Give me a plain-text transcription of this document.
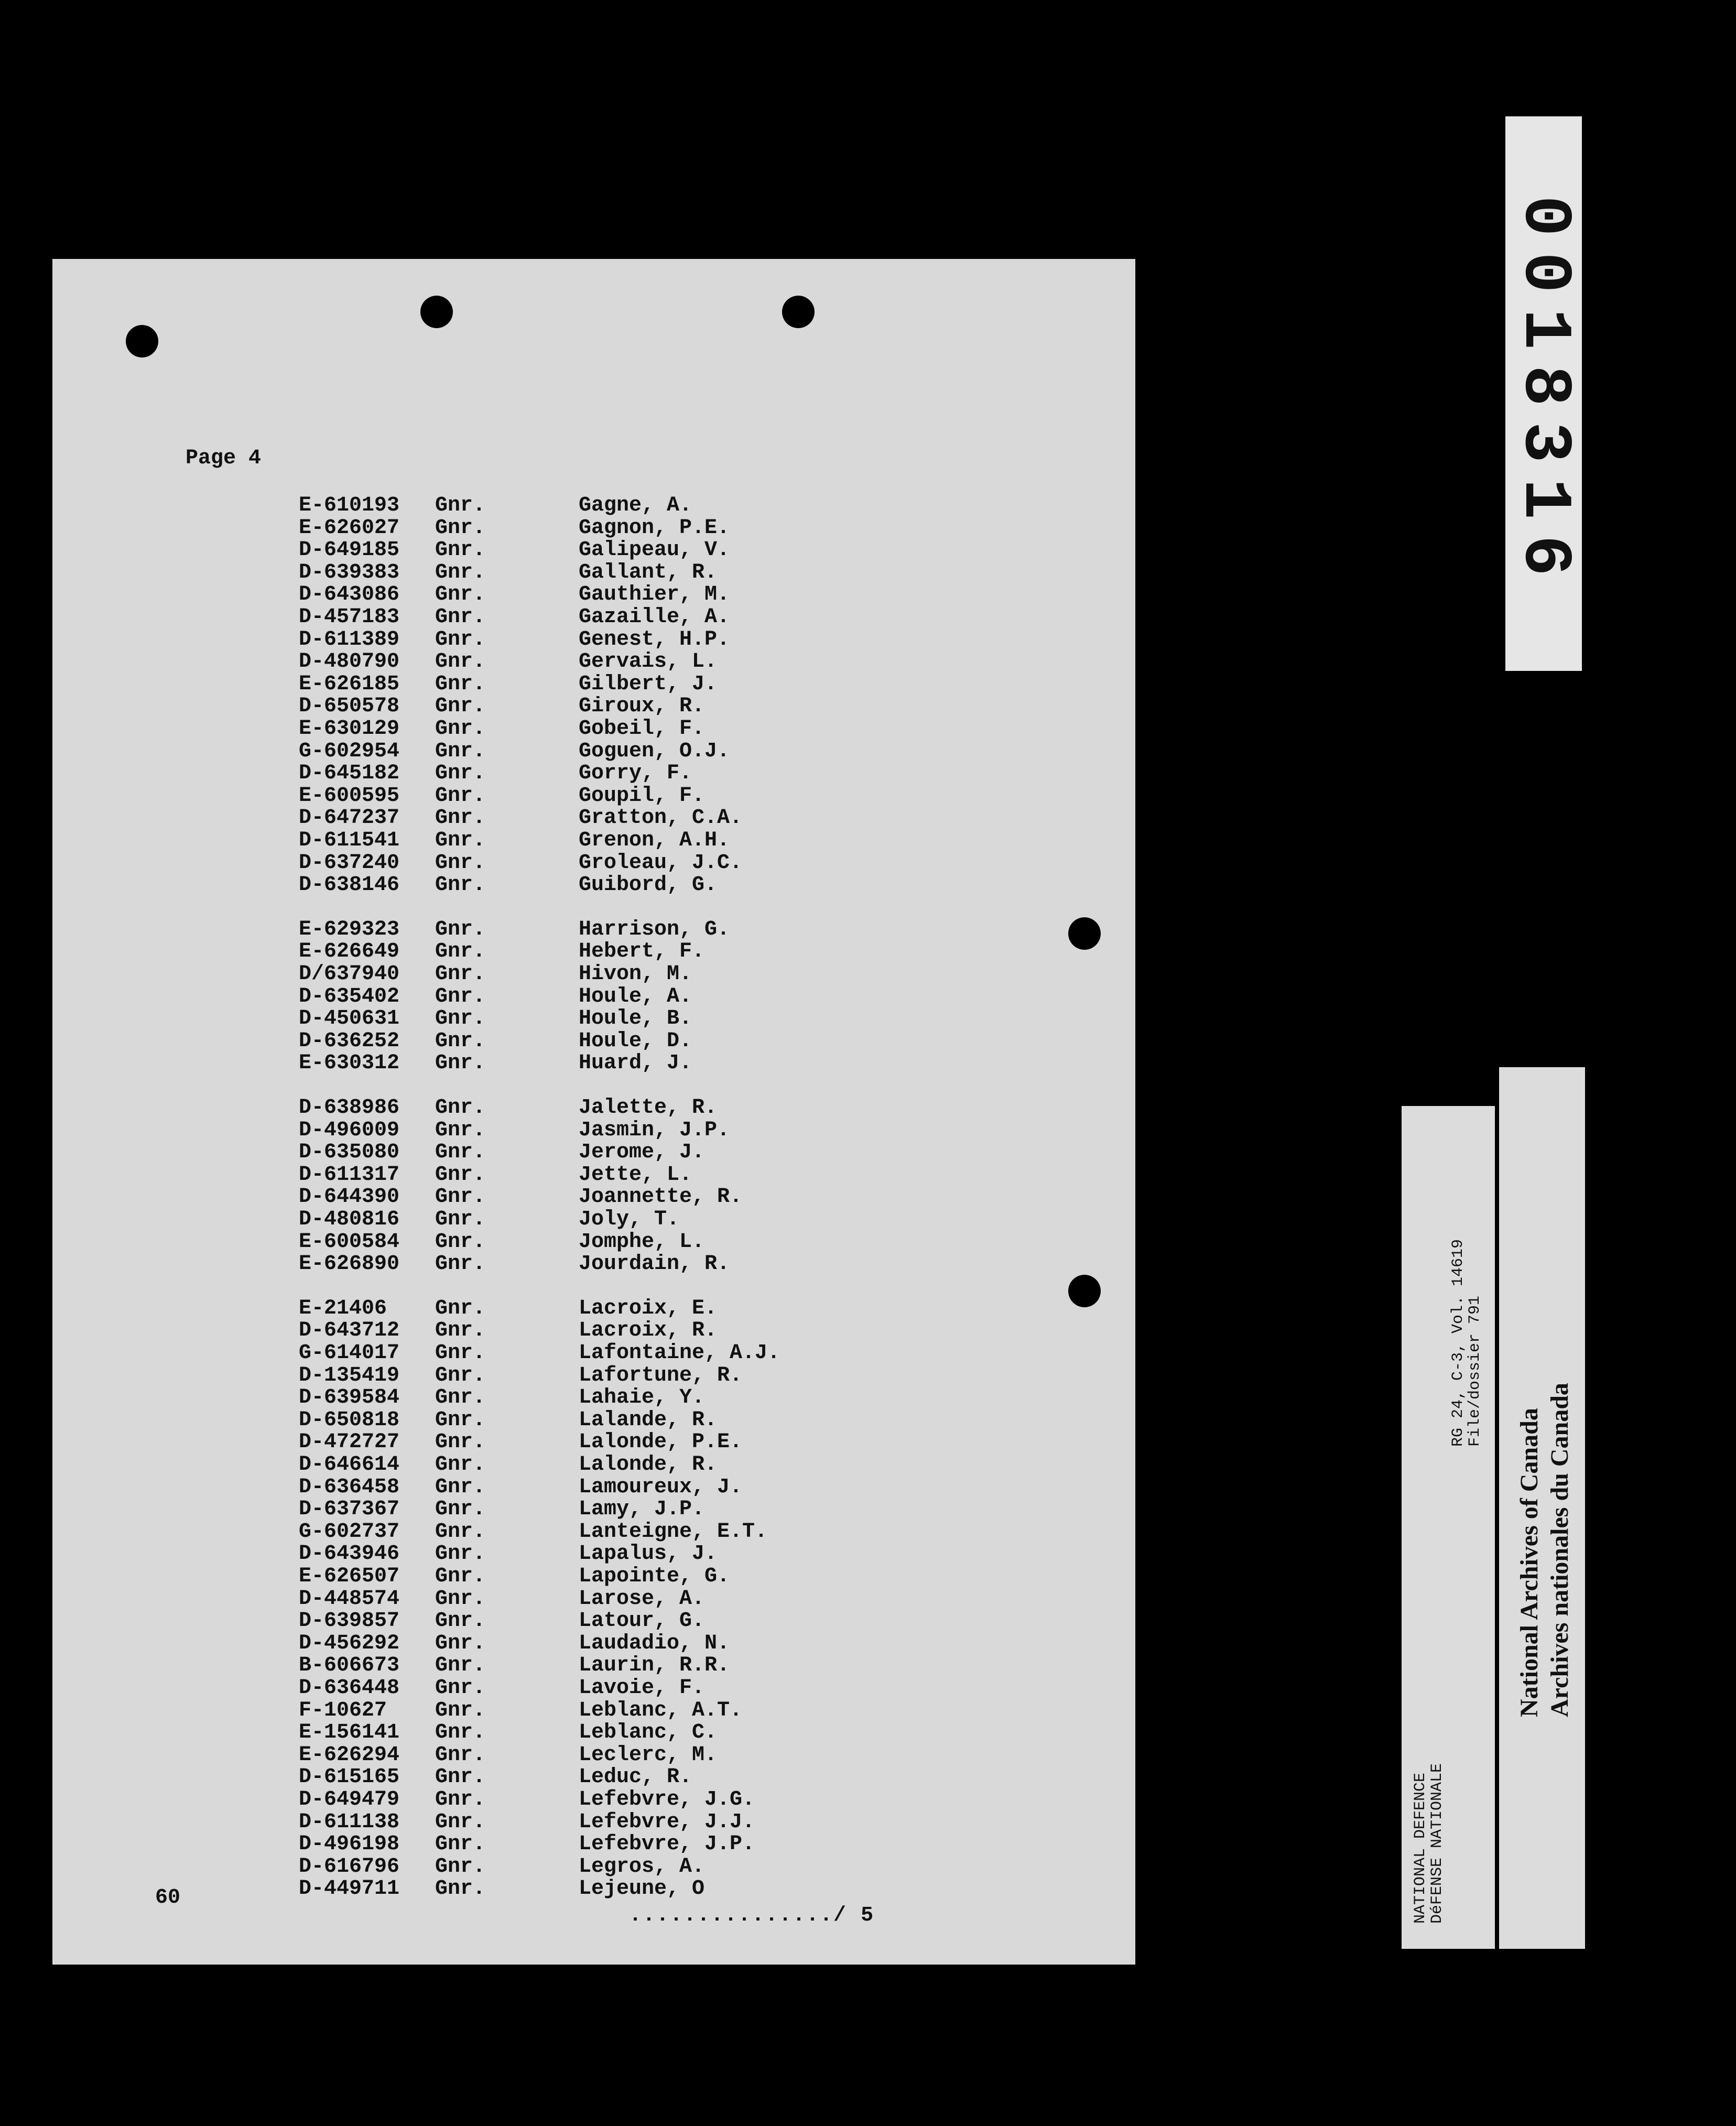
Page 4
E-610193 Gnr.	Gagne, A.
E-626027 Gnr.	Gagnon, P.E.
D-649185 Gnr.	Galipeau, V.
D-639383 Gnr.	Gallant, R.
D-643086 Gnr.	Gauthier, M.
D-457183 Gnr.	Gazaille, A.
D-611389 Gnr.	Genest, H.P.
D-480790 Gnr.	Gervais, L.
E-626185 Gnr.	Gilbert, J.
D-650578 Gnr.	Giroux, R.
E-630129 Gnr.	Gobeil, F.
G-602954 Gnr.	Goguen, O.J.
D-645182 Gnr.	Gorry, F.
E-600595 Gnr.	Goupil, F.
D-647237 Gnr.	Gratton, C.A.
D-611541 Gnr.	Grenon, A.H.
D-637240 Gnr.	Groleau, J.C.
D-638146 Gnr.	Guibord, G.
E-629323 Gnr.	Harrison, G.
E-626649 Gnr.	Hebert, F.
D/637940 Gnr.	Hivon, M.
D-635402 Gnr.	Houle, A.
D-450631 Gnr.	Houle, B.
D-636252 Gnr.	Houle, D.
E-630312 Gnr.	Huard, J.
D-638986 Gnr.	Jalette, R.
D-496009 Gnr.	Jasmin, J.P.
D-635080 Gnr.	Jerome, J.
D-611317 Gnr.	Jette, L.
D-644390 Gnr.	Joannette, R.
D-480816 Gnr.	Joly, T.
E-600584 Gnr.	Jomphe, L.
E-626890 Gnr.	Jourdain, R.
E-21406 Gnr.	Lacroix, E.
D-643712 Gnr.	Lacroix, R.
G-614017 Gnr.	Lafontaine, A.J.
D-135419 Gnr.	Lafortune, R.
D-639584 Gnr.	Lahaie, Y.
D-650818 Gnr.	Lalande, R.
D-472727 Gnr.	Lalonde, P.E.
D-646614 Gnr.	Lalonde, R.
D-636458 Gnr.	Lamoureux, J.
D-637367 Gnr.	Lamy, J.P.
G-602737 Gnr.	Lanteigne, E.T.
D-643946 Gnr.	Lapalus, J.
E-626507 Gnr.	Lapointe, G.
D-448574 Gnr.	Larose, A.
D-639857 Gnr.	Latour, G.
D-456292 Gnr.	Laudadio, N.
B-606673 Gnr.	Laurin, R.R.
D-636448 Gnr.	Lavoie, F.
F-10627 Gnr.	Leblanc, A.T.
E-156141 Gnr.	Leblanc, C.
E-626294 Gnr.	Leclerc, M.
D-615165 Gnr.	Leduc, R.
D-649479 Gnr.	Lefebvre, J.G.
D-611138 Gnr.	Lefebvre, J.J.
D-496198 Gnr.	Lefebvre, J.P.
D-616796 Gnr.	Legros, A.
D-449711 Gnr.	Lejeune, O
60
.............../ 5
0018316
NATIONAL DEFENCE
DéFENSE NATIONALE
RG 24, C-3, Vol. 14619
File/dossier 791
National Archives of Canada Archives nationales du Canada
